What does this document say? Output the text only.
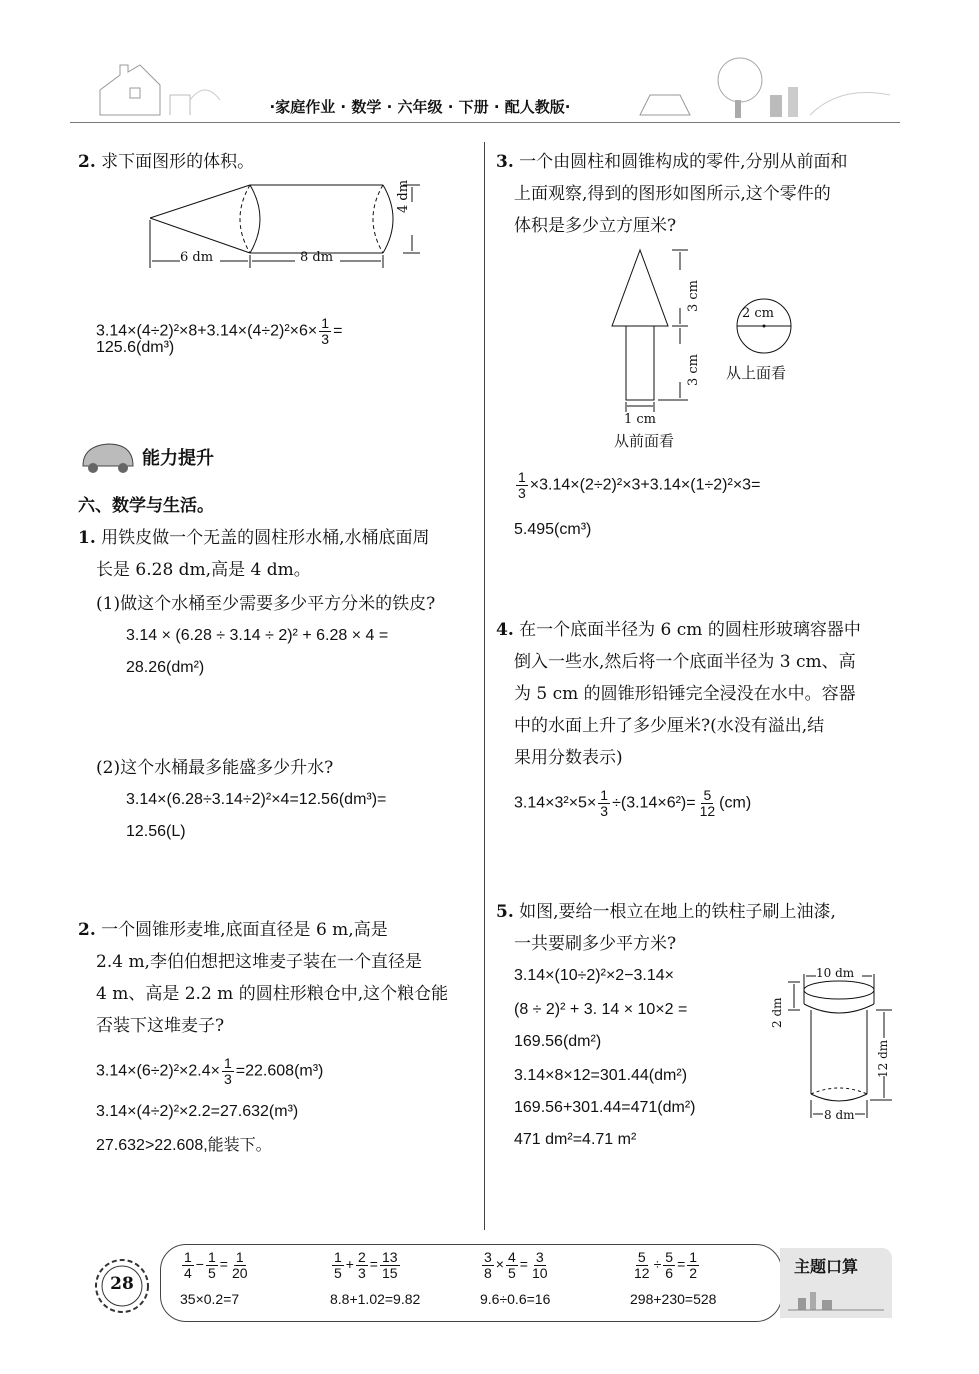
·家庭作业 · 数学 · 六年级 · 下册 · 配人教版·
2. 求下面图形的体积。
6 dm	8 dm
4 dm
$3.14\times(4\div 2)^2\times 8+3.14\times(4\div 2)^2\times 6\times \frac{1}{3}$ =
125.6(dm³)
能力提升
六、数学与生活。
1. 用铁皮做一个无盖的圆柱形水桶,水桶底面周
长是 6.28 dm,高是 4 dm。
(1)做这个水桶至少需要多少平方分米的铁皮?
3.14 × (6.28 ÷ 3.14 ÷ 2)² + 6.28 × 4 =
28.26(dm²)
(2)这个水桶最多能盛多少升水?
3.14×(6.28÷3.14÷2)²×4=12.56(dm³)=
12.56(L)
2. 一个圆锥形麦堆,底面直径是 6 m,高是
2.4 m,李伯伯想把这堆麦子装在一个直径是
4 m、高是 2.2 m 的圆柱形粮仓中,这个粮仓能
否装下这堆麦子?
$3.14\times(6\div 2)^2\times 2.4\times \frac{1}{3} =22.608(m^3)$
3.14×(4÷2)²×2.2=27.632(m³)
27.632>22.608,能装下。
3. 一个由圆柱和圆锥构成的零件,分别从前面和
上面观察,得到的图形如图所示,这个零件的
体积是多少立方厘米?
3 cm
3 cm
1 cm
从前面看
2 cm
从上面看
$\frac{1}{3} \times 3.14\times(2\div 2)^2\times 3+3.14\times(1\div 2)^2\times 3=$
5.495(cm³)
4. 在一个底面半径为 6 cm 的圆柱形玻璃容器中
倒入一些水,然后将一个底面半径为 3 cm、高
为 5 cm 的圆锥形铅锤完全浸没在水中。容器
中的水面上升了多少厘米?(水没有溢出,结
果用分数表示)
$3.14\times 3^2\times 5\times \frac{1}{3} \div(3.14\times 6^2)= \frac{5}{12} (cm)$
5. 如图,要给一根立在地上的铁柱子刷上油漆,
一共要刷多少平方米?
3.14×(10÷2)²×2−3.14×
(8 ÷ 2)² + 3. 14 × 10×2 =
169.56(dm²)
3.14×8×12=301.44(dm²)
169.56+301.44=471(dm²)
471 dm²=4.71 m²
10 dm
2 dm
12 dm
8 dm
28
主题口算
$\frac{1}{4} - \frac{1}{5} = \frac{1}{20}$	$\frac{1}{5} + \frac{2}{3} = \frac{13}{15}$	$\frac{3}{8} \times \frac{4}{5} = \frac{3}{10}$	$\frac{5}{12} \div \frac{5}{6} = \frac{1}{2}$
35×0.2=7	8.8+1.02=9.82	9.6÷0.6=16	298+230=528
